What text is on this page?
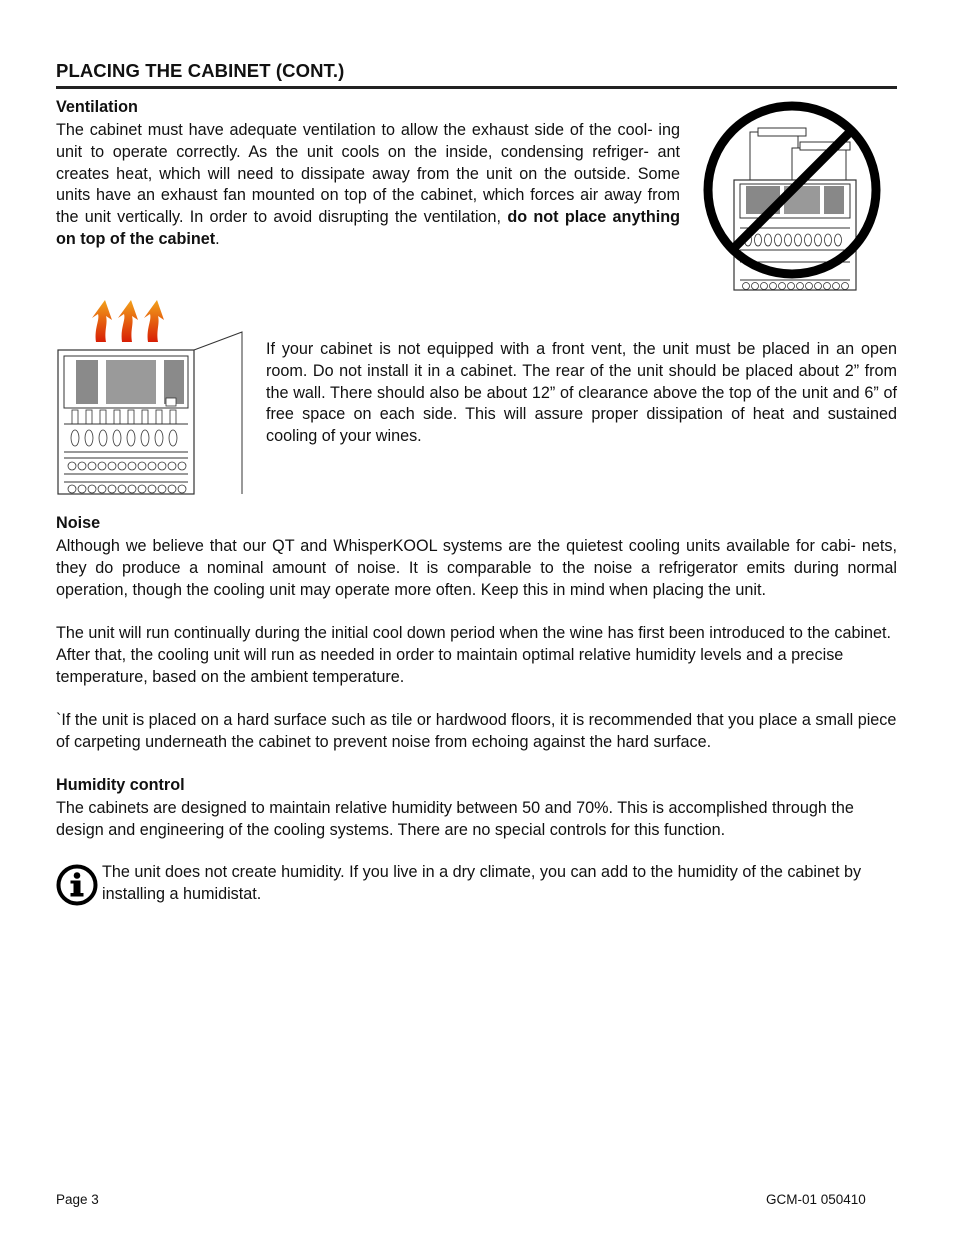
PLACING THE CABINET (CONT.)
Ventilation
The cabinet must have adequate ventilation to allow the exhaust side of the cool- ing unit to operate correctly. As the unit cools on the inside, condensing refriger- ant creates heat, which will need to dissipate away from the unit on the outside. Some units have an exhaust fan mounted on top of the cabinet, which forces air away from the unit vertically. In order to avoid disrupting the ventilation, do not place anything on top of the cabinet.
If your cabinet is not equipped with a front vent, the unit must be placed in an open room. Do not install it in a cabinet. The rear of the unit should be placed about 2” from the wall. There should also be about 12” of clearance above the top of the unit and 6” of free space on each side. This will assure proper dissipation of heat and sustained cooling of your wines.
Noise
Although we believe that our QT and WhisperKOOL systems are the quietest cooling units available for cabi- nets, they do produce a nominal amount of noise. It is comparable to the noise a refrigerator emits during normal operation, though the cooling unit may operate more often. Keep this in mind when placing the unit.
The unit will run continually during the initial cool down period when the wine has first been introduced to the cabinet. After that, the cooling unit will run as needed in order to maintain optimal relative humidity levels and a precise temperature, based on the ambient temperature.
`If the unit is placed on a hard surface such as tile or hardwood floors, it is recommended that you place a small piece of carpeting underneath the cabinet to prevent noise from echoing against the hard surface.
Humidity control
The cabinets are designed to maintain relative humidity between 50 and 70%. This is accomplished through the design and engineering of the cooling systems. There are no special controls for this function.
The unit does not create humidity. If you live in a dry climate, you can add to the humidity of the cabinet by installing a humidistat.
Page 3	GCM-01 050410
